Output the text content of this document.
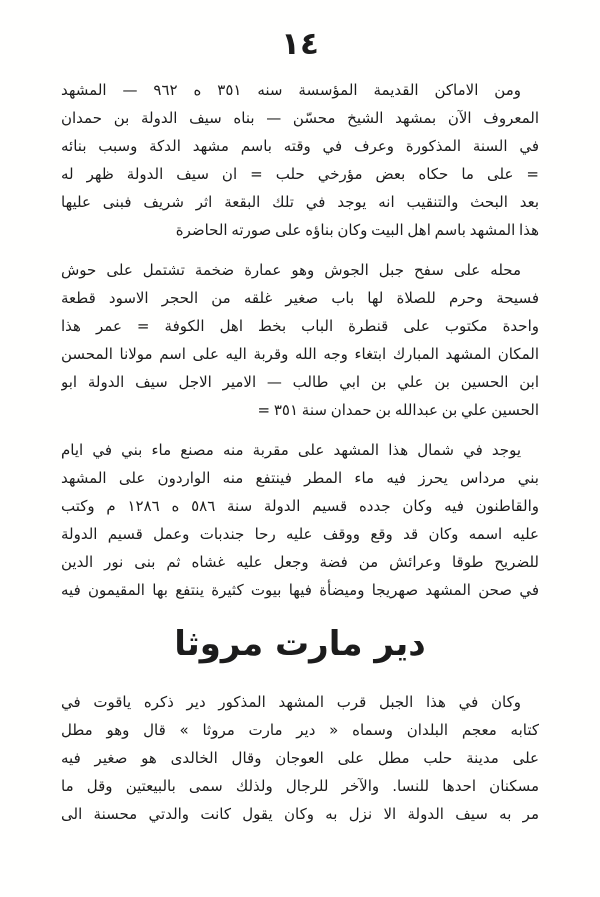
١٤
ومن الاماكن القديمة المؤسسة سنه ٣٥١ ه ٩٦٢ — المشهد
المعروف الآن بمشهد الشيخ محسّن — بناه سيف الدولة بن حمدان
في السنة المذكورة وعرف في وقته باسم مشهد الدكة وسبب بنائه
= على ما حكاه بعض مؤرخي حلب = ان سيف الدولة ظهر له
بعد البحث والتنقيب انه يوجد في تلك البقعة اثر شريف فبنى عليها
هذا المشهد باسم اهل البيت وكان بناؤه على صورته الحاضرة
محله على سفح جبل الجوش وهو عمارة ضخمة تشتمل على حوش
فسيحة وحرم للصلاة لها باب صغير غلقه من الحجر الاسود قطعة
واحدة مكتوب على قنطرة الباب بخط اهل الكوفة = عمر هذا
المكان المشهد المبارك ابتغاء وجه الله وقربة اليه على اسم مولانا المحسن
ابن الحسين بن علي بن ابي طالب — الامير الاجل سيف الدولة ابو
الحسين علي بن عبدالله بن حمدان سنة ٣٥١ =
يوجد في شمال هذا المشهد على مقربة منه مصنع ماء بني في ايام
بني مرداس يحرز فيه ماء المطر فينتفع منه الواردون على المشهد
والقاطنون فيه وكان جدده قسيم الدولة سنة ٥٨٦ ه ١٢٨٦ م وكتب
عليه اسمه وكان قد وقع ووقف عليه رحا جندبات وعمل قسيم الدولة
للضريح طوقا وعرائش من فضة وجعل عليه غشاه ثم بنى نور الدين
في صحن المشهد صهريجا وميضأة فيها بيوت كثيرة ينتفع بها المقيمون فيه
دير مارت مروثا
وكان في هذا الجبل قرب المشهد المذكور دير ذكره ياقوت في
كتابه معجم البلدان وسماه « دير مارت مروثا » قال وهو مطل
على مدينة حلب مطل على العوجان وقال الخالدى هو صغير فيه
مسكنان احدها للنسا. والآخر للرجال ولذلك سمى بالبيعتين وقل ما
مر به سيف الدولة الا نزل به وكان يقول كانت والدتي محسنة الى
